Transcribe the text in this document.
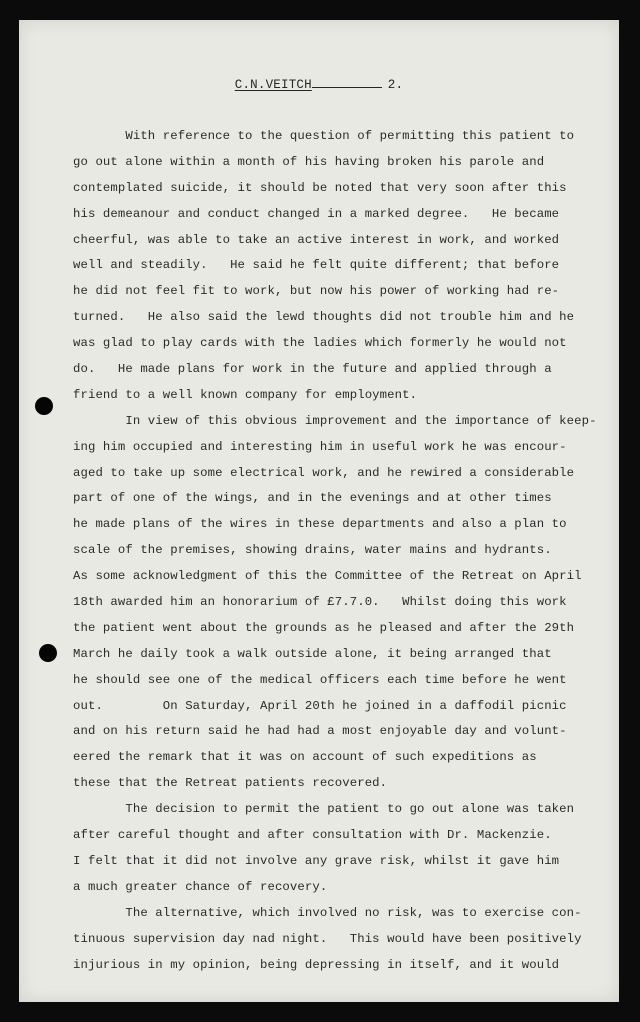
C.N.VEITCH	2.
With reference to the question of permitting this patient to
go out alone within a month of his having broken his parole and
contemplated suicide, it should be noted that very soon after this
his demeanour and conduct changed in a marked degree.   He became
cheerful, was able to take an active interest in work, and worked
well and steadily.   He said he felt quite different; that before
he did not feel fit to work, but now his power of working had re-
turned.   He also said the lewd thoughts did not trouble him and he
was glad to play cards with the ladies which formerly he would not
do.   He made plans for work in the future and applied through a
friend to a well known company for employment.
In view of this obvious improvement and the importance of keep-
ing him occupied and interesting him in useful work he was encour-
aged to take up some electrical work, and he rewired a considerable
part of one of the wings, and in the evenings and at other times
he made plans of the wires in these departments and also a plan to
scale of the premises, showing drains, water mains and hydrants.
As some acknowledgment of this the Committee of the Retreat on April
18th awarded him an honorarium of £7.7.0.   Whilst doing this work
the patient went about the grounds as he pleased and after the 29th
March he daily took a walk outside alone, it being arranged that
he should see one of the medical officers each time before he went
out.        On Saturday, April 20th he joined in a daffodil picnic
and on his return said he had had a most enjoyable day and volunt-
eered the remark that it was on account of such expeditions as
these that the Retreat patients recovered.
The decision to permit the patient to go out alone was taken
after careful thought and after consultation with Dr. Mackenzie.
I felt that it did not involve any grave risk, whilst it gave him
a much greater chance of recovery.
The alternative, which involved no risk, was to exercise con-
tinuous supervision day nad night.   This would have been positively
injurious in my opinion, being depressing in itself, and it would
